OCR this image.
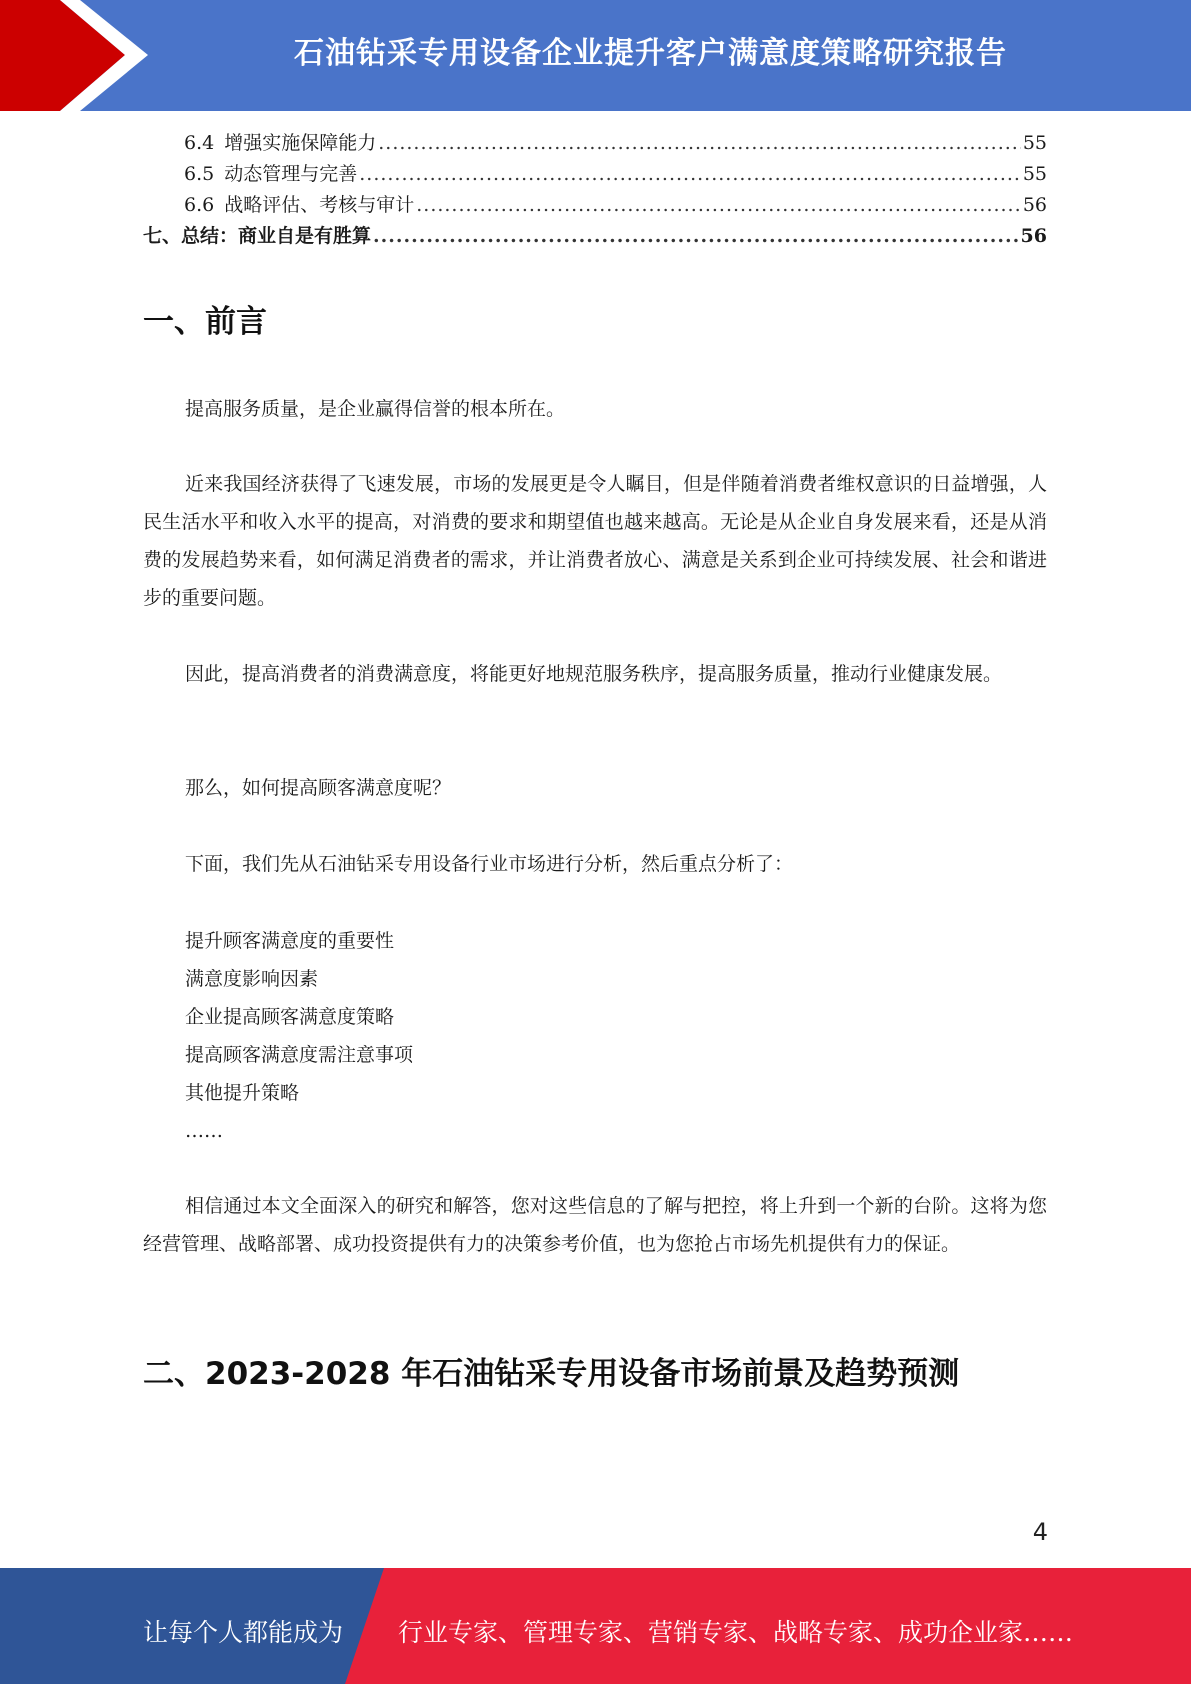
石油钻采专用设备企业提升客户满意度策略研究报告
6.4 增强实施保障能力 .....	55
6.5 动态管理与完善 .....	55
6.6 战略评估、考核与审计 .....	56
七、总结：商业自是有胜算 .....	56
一、前言
提高服务质量，是企业赢得信誉的根本所在。
近来我国经济获得了飞速发展，市场的发展更是令人瞩目，但是伴随着消费者维权意识的日益增强，人民生活水平和收入水平的提高，对消费的要求和期望值也越来越高。无论是从企业自身发展来看，还是从消费的发展趋势来看，如何满足消费者的需求，并让消费者放心、满意是关系到企业可持续发展、社会和谐进步的重要问题。
因此，提高消费者的消费满意度，将能更好地规范服务秩序，提高服务质量，推动行业健康发展。
那么，如何提高顾客满意度呢？
下面，我们先从石油钻采专用设备行业市场进行分析，然后重点分析了：
提升顾客满意度的重要性
满意度影响因素
企业提高顾客满意度策略
提高顾客满意度需注意事项
其他提升策略
……
相信通过本文全面深入的研究和解答，您对这些信息的了解与把控，将上升到一个新的台阶。这将为您经营管理、战略部署、成功投资提供有力的决策参考价值，也为您抢占市场先机提供有力的保证。
二、2023-2028 年石油钻采专用设备市场前景及趋势预测
4
让每个人都能成为 行业专家、管理专家、营销专家、战略专家、成功企业家……
